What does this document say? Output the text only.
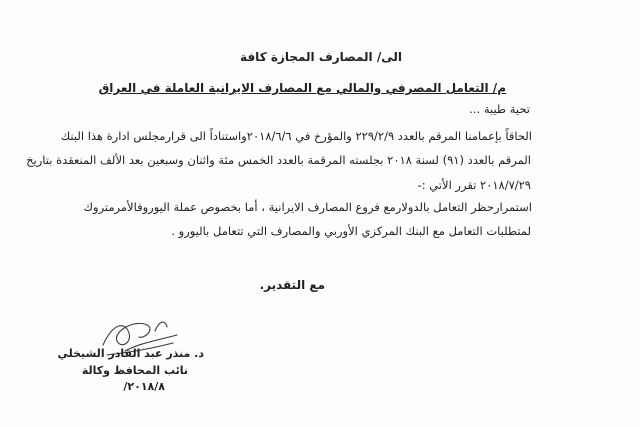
الى/ المصارف المجازة كافة
م/ التعامل المصرفي والمالي مع المصارف الايرانية العاملة في العراق
تحية طيبة ...
الحاقاً بإعمامنا المرقم بالعدد ٢٢٩/٢/٩ والمؤرخ في ٢٠١٨/٦/٦واستناداً الى قرارمجلس ادارة هذا البنك
المرقم بالعدد (٩١) لسنة ٢٠١٨ بجلسته المرقمة بالعدد الخمس مئة واثنان وسبعين بعد الألف المنعقدة بتاريخ
٢٠١٨/٧/٢٩ تقرر الأتي :-
استمرارحظر التعامل بالدولارمع فروع المصارف الايرانية ، أما بخصوص عملة اليوروفالأمرمتروك
لمتطلبات التعامل مع البنك المركزي الأوربي والمصارف التي تتعامل باليورو .
مع التقدير.
د. منذر عبد القادر الشيخلي
نائب المحافظ وكالة
٢٠١٨/٨/
